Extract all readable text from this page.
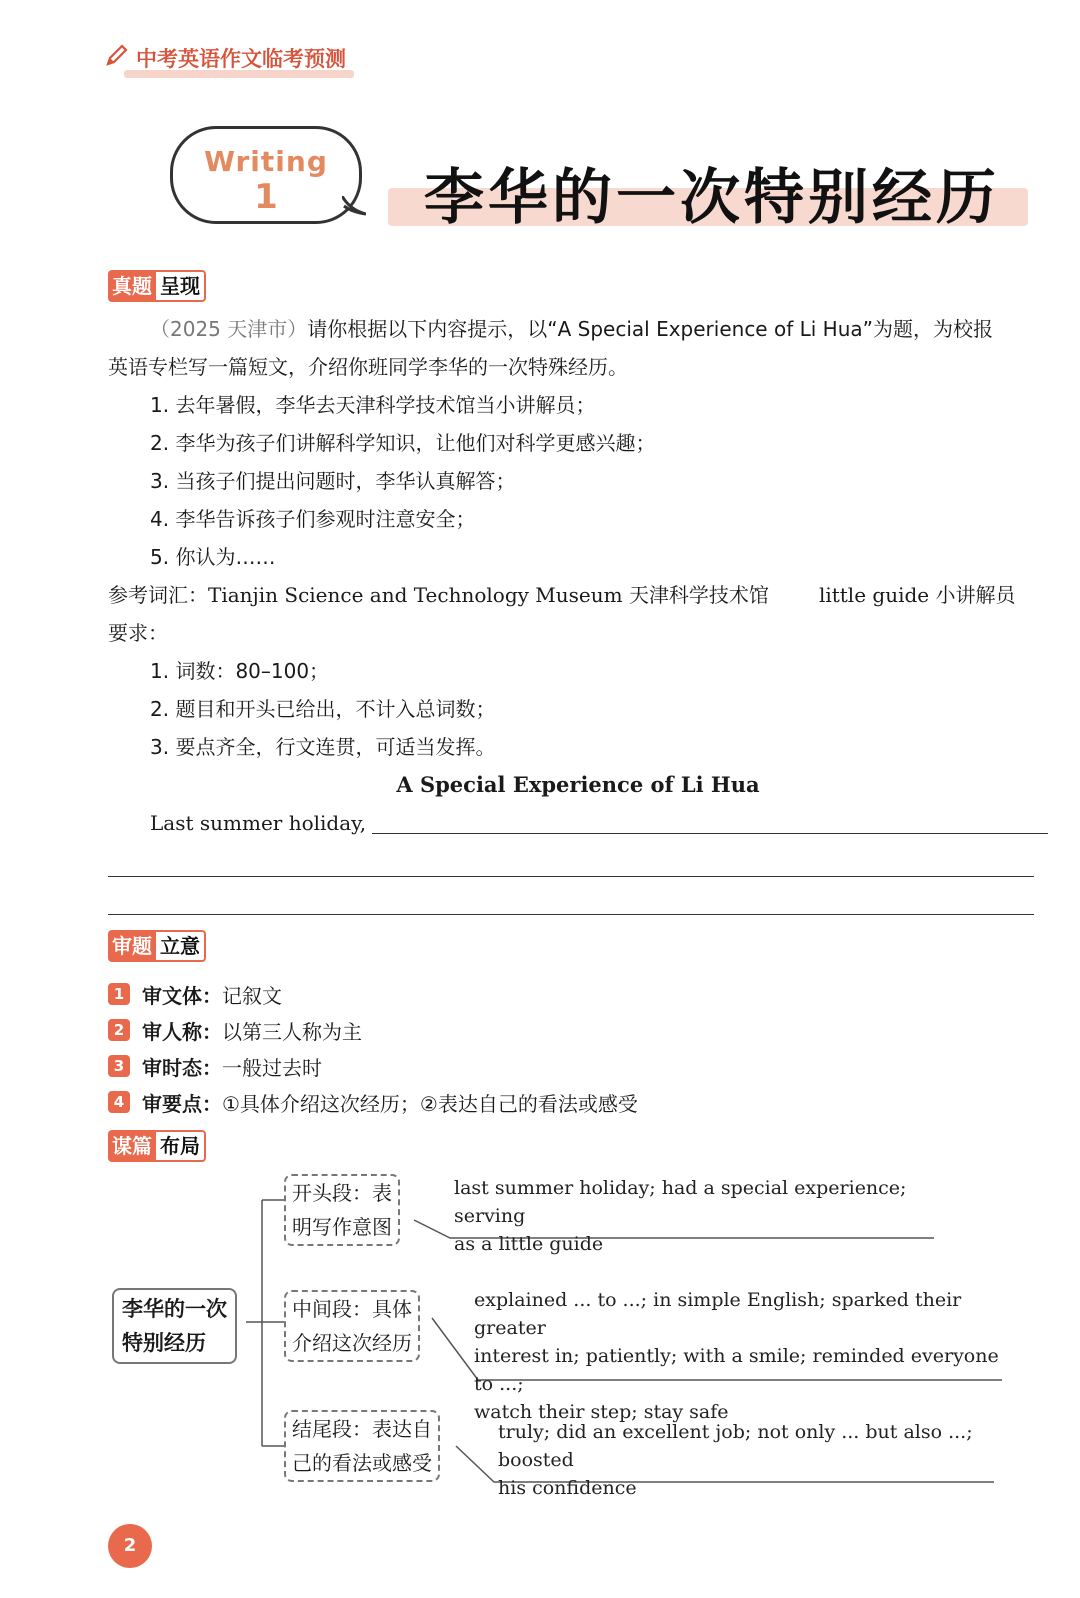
中考英语作文临考预测
Writing
1	李华的一次特别经历
真题 呈现
（2025 天津市）请你根据以下内容提示，以“A Special Experience of Li Hua”为题，为校报
英语专栏写一篇短文，介绍你班同学李华的一次特殊经历。
1. 去年暑假，李华去天津科学技术馆当小讲解员；
2. 李华为孩子们讲解科学知识，让他们对科学更感兴趣；
3. 当孩子们提出问题时，李华认真解答；
4. 李华告诉孩子们参观时注意安全；
5. 你认为……
参考词汇：Tianjin Science and Technology Museum 天津科学技术馆	little guide 小讲解员
要求：
1. 词数：80–100；
2. 题目和开头已给出，不计入总词数；
3. 要点齐全，行文连贯，可适当发挥。
A Special Experience of Li Hua
Last summer holiday,
审题 立意
1 审文体： 记叙文
2 审人称： 以第三人称为主
3 审时态： 一般过去时
4 审要点： ①具体介绍这次经历；②表达自己的看法或感受
谋篇 布局
李华的一次
特别经历
开头段：表
明写作意图
last summer holiday; had a special experience; serving
as a little guide
中间段：具体
介绍这次经历
explained ... to ...; in simple English; sparked their greater
interest in; patiently; with a smile; reminded everyone to ...;
watch their step; stay safe
结尾段：表达自
己的看法或感受
truly; did an excellent job; not only ... but also ...; boosted
his confidence
2
